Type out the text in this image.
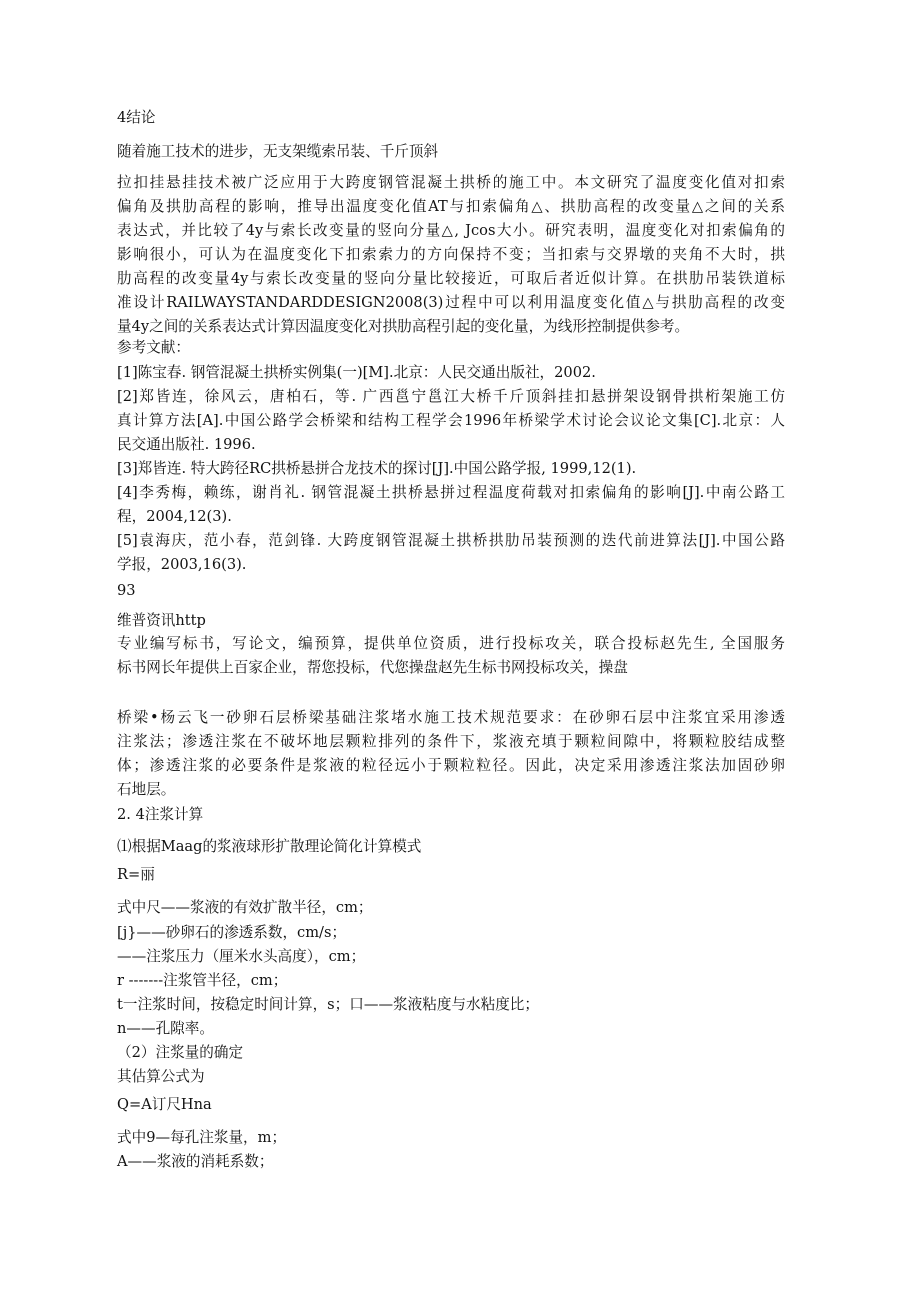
4结论
随着施工技术的进步，无支架缆索吊装、千斤顶斜
拉扣挂悬挂技术被广泛应用于大跨度钢管混凝土拱桥的施工中。本文研究了温度变化值对扣索
偏角及拱肋高程的影响，推导出温度变化值AT与扣索偏角△、拱肋高程的改变量△之间的关系
表达式，并比较了4y与索长改变量的竖向分量△, Jcos大小。研究表明，温度变化对扣索偏角的
影响很小，可认为在温度变化下扣索索力的方向保持不变；当扣索与交界墩的夹角不大时，拱
肋高程的改变量4y与索长改变量的竖向分量比较接近，可取后者近似计算。在拱肋吊装铁道标
准设计RAILWAYSTANDARDDESIGN2008(3)过程中可以利用温度变化值△与拱肋高程的改变
量4y之间的关系表达式计算因温度变化对拱肋高程引起的变化量，为线形控制提供参考。
参考文献：
[1]陈宝春. 钢管混凝土拱桥实例集(一)[M].北京：人民交通出版社，2002.
[2]郑皆连，徐风云，唐柏石，等. 广西邕宁邕江大桥千斤顶斜挂扣悬拼架设钢骨拱桁架施工仿
真计算方法[A].中国公路学会桥梁和结构工程学会1996年桥梁学术讨论会议论文集[C].北京：人
民交通出版社. 1996.
[3]郑皆连. 特大跨径RC拱桥悬拼合龙技术的探讨[J].中国公路学报, 1999,12(1).
[4]李秀梅，赖练，谢肖礼. 钢管混凝土拱桥悬拼过程温度荷载对扣索偏角的影响[J].中南公路工
程，2004,12(3).
[5]袁海庆，范小春，范剑锋. 大跨度钢管混凝土拱桥拱肋吊装预测的迭代前进算法[J].中国公路
学报，2003,16(3).
93
维普资讯http
专业编写标书，写论文，编预算，提供单位资质，进行投标攻关，联合投标赵先生, 全国服务
标书网长年提供上百家企业，帮您投标，代您操盘赵先生标书网投标攻关，操盘
桥梁•杨云飞一砂卵石层桥梁基础注浆堵水施工技术规范要求：在砂卵石层中注浆宜采用渗透
注浆法；渗透注浆在不破坏地层颗粒排列的条件下，浆液充填于颗粒间隙中，将颗粒胶结成整
体；渗透注浆的必要条件是浆液的粒径远小于颗粒粒径。因此，决定采用渗透注浆法加固砂卵
石地层。
2. 4注浆计算
⑴根据Maag的浆液球形扩散理论简化计算模式
R=丽
式中尺——浆液的有效扩散半径，cm；
[j}——砂卵石的渗透系数，cm/s；
——注浆压力（厘米水头高度），cm；
r -------注浆管半径，cm；
t一注浆时间，按稳定时间计算，s；口——浆液粘度与水粘度比；
n——孔隙率。
（2）注浆量的确定
其估算公式为
Q=A订尺Hna
式中9—每孔注浆量，m；
A——浆液的消耗系数；
